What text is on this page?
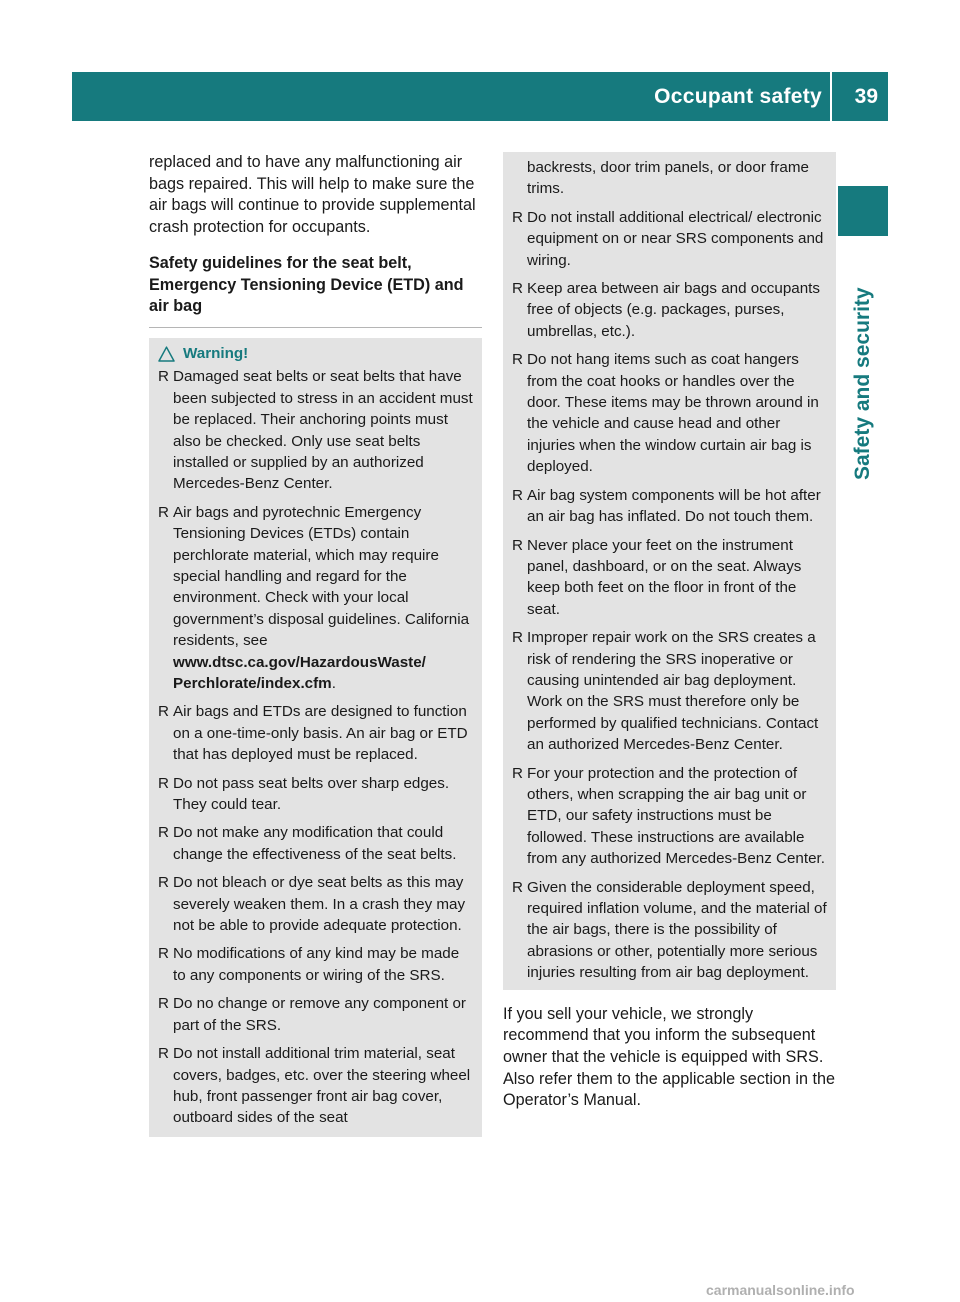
Occupant safety 39
Safety and security

replaced and to have any malfunctioning air bags repaired. This will help to make sure the air bags will continue to provide supplemental crash protection for occupants.

Safety guidelines for the seat belt, Emergency Tensioning Device (ETD) and air bag
Warning!
R Damaged seat belts or seat belts that have been subjected to stress in an accident must be replaced. Their anchoring points must also be checked. Only use seat belts installed or supplied by an authorized Mercedes-Benz Center.
R Air bags and pyrotechnic Emergency Tensioning Devices (ETDs) contain perchlorate material, which may require special handling and regard for the environment. Check with your local government’s disposal guidelines. California residents, see www.dtsc.ca.gov/HazardousWaste/ Perchlorate/index.cfm.
R Air bags and ETDs are designed to function on a one-time-only basis. An air bag or ETD that has deployed must be replaced.
R Do not pass seat belts over sharp edges. They could tear.
R Do not make any modification that could change the effectiveness of the seat belts.
R Do not bleach or dye seat belts as this may severely weaken them. In a crash they may not be able to provide adequate protection.
R No modifications of any kind may be made to any components or wiring of the SRS.
R Do no change or remove any component or part of the SRS.
R Do not install additional trim material, seat covers, badges, etc. over the steering wheel hub, front passenger front air bag cover, outboard sides of the seat
backrests, door trim panels, or door frame trims.
R Do not install additional electrical/ electronic equipment on or near SRS components and wiring.
R Keep area between air bags and occupants free of objects (e.g. packages, purses, umbrellas, etc.).
R Do not hang items such as coat hangers from the coat hooks or handles over the door. These items may be thrown around in the vehicle and cause head and other injuries when the window curtain air bag is deployed.
R Air bag system components will be hot after an air bag has inflated. Do not touch them.
R Never place your feet on the instrument panel, dashboard, or on the seat. Always keep both feet on the floor in front of the seat.
R Improper repair work on the SRS creates a risk of rendering the SRS inoperative or causing unintended air bag deployment. Work on the SRS must therefore only be performed by qualified technicians. Contact an authorized Mercedes-Benz Center.
R For your protection and the protection of others, when scrapping the air bag unit or ETD, our safety instructions must be followed. These instructions are available from any authorized Mercedes-Benz Center.
R Given the considerable deployment speed, required inflation volume, and the material of the air bags, there is the possibility of abrasions or other, potentially more serious injuries resulting from air bag deployment.

If you sell your vehicle, we strongly recommend that you inform the subsequent owner that the vehicle is equipped with SRS. Also refer them to the applicable section in the Operator’s Manual.

carmanualsonline.info
